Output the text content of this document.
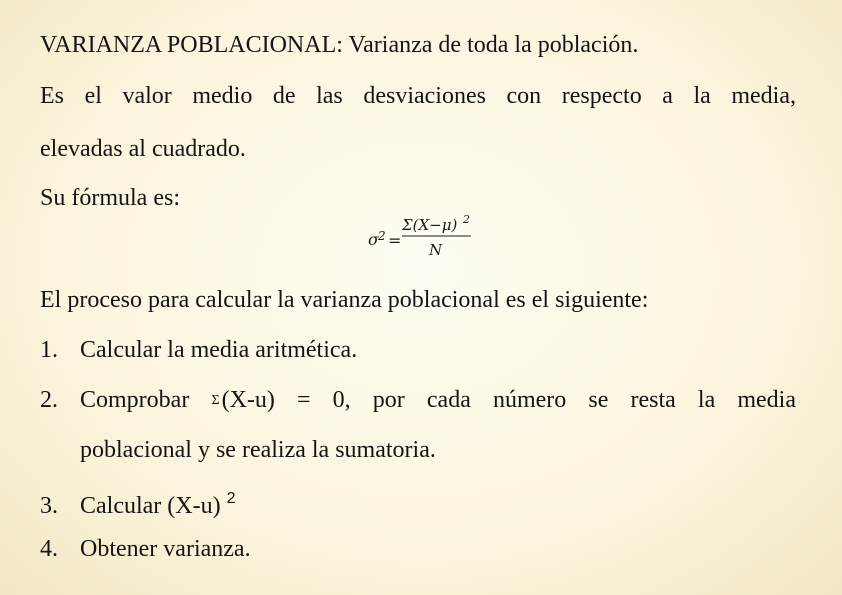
VARIANZA POBLACIONAL: Varianza de toda la población.
Es el valor medio de las desviaciones con respecto a la media,
elevadas al cuadrado.
Su fórmula es:
σ 2 =
Σ(X−μ) 2
N
El proceso para calcular la varianza poblacional es el siguiente:
1. Calcular la media aritmética.
2. Comprobar Σ(X-u) = 0, por cada número se resta la media
poblacional y se realiza la sumatoria.
3. Calcular (X-u) $^2$
4. Obtener varianza.
